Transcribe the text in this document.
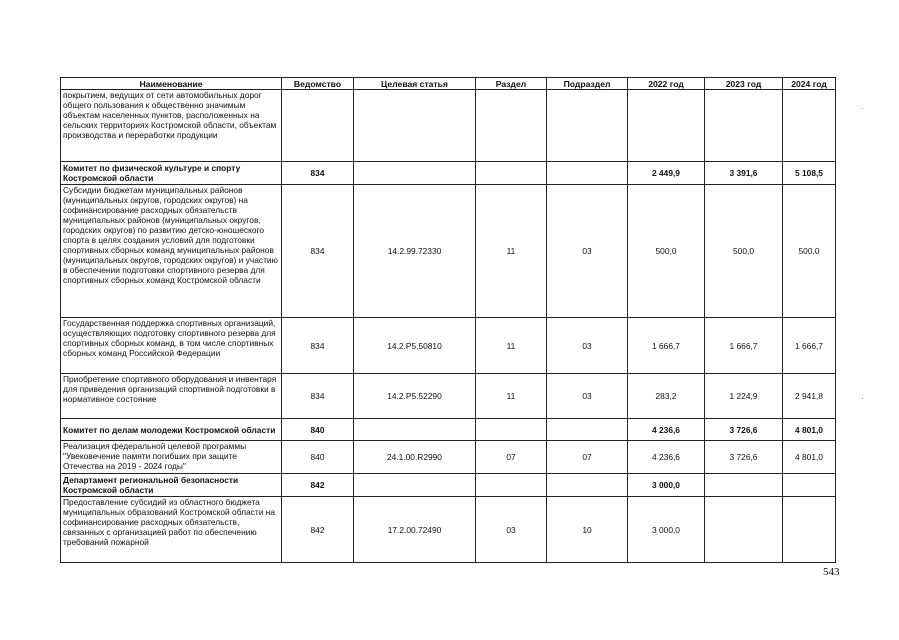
Наименование	Ведомство	Целевая статья	Раздел	Подраздел	2022 год	2023 год	2024 год
покрытием, ведущих от сети автомобильных дорог общего пользования к общественно значимым объектам населенных пунктов, расположенных на сельских территориях Костромской области, объектам производства и переработки продукции							
Комитет по физической культуре и спорту Костромской области	834				2 449,9	3 391,6	5 108,5
Субсидии бюджетам муниципальных районов (муниципальных округов, городских округов) на софинансирование расходных обязательств муниципальных районов (муниципальных округов, городских округов) по развитию детско-юношеского спорта в целях создания условий для подготовки спортивных сборных команд муниципальных районов (муниципальных округов, городских округов) и участию в обеспечении подготовки спортивного резерва для спортивных сборных команд Костромской области	834	14.2.99.72330	11	03	500,0	500,0	500,0
Государственная поддержка спортивных организаций, осуществляющих подготовку спортивного резерва для спортивных сборных команд, в том числе спортивных сборных команд Российской Федерации	834	14.2.P5.50810	11	03	1 666,7	1 666,7	1 666,7
Приобретение спортивного оборудования и инвентаря для приведения организаций спортивной подготовки в нормативное состояние	834	14.2.P5.52290	11	03	283,2	1 224,9	2 941,8
Комитет по делам молодежи Костромской области	840				4 236,6	3 726,6	4 801,0
Реализация федеральной целевой программы "Увековечение памяти погибших при защите Отечества на 2019 - 2024 годы"	840	24.1.00.R2990	07	07	4 236,6	3 726,6	4 801,0
Департамент региональной безопасности Костромской области	842				3 000,0		
Предоставление субсидий из областного бюджета муниципальных образований Костромской области на софинансирование расходных обязательств, связанных с организацией работ по обеспечению требований пожарной	842	17.2.00.72490	03	10	3 000,0		
543
